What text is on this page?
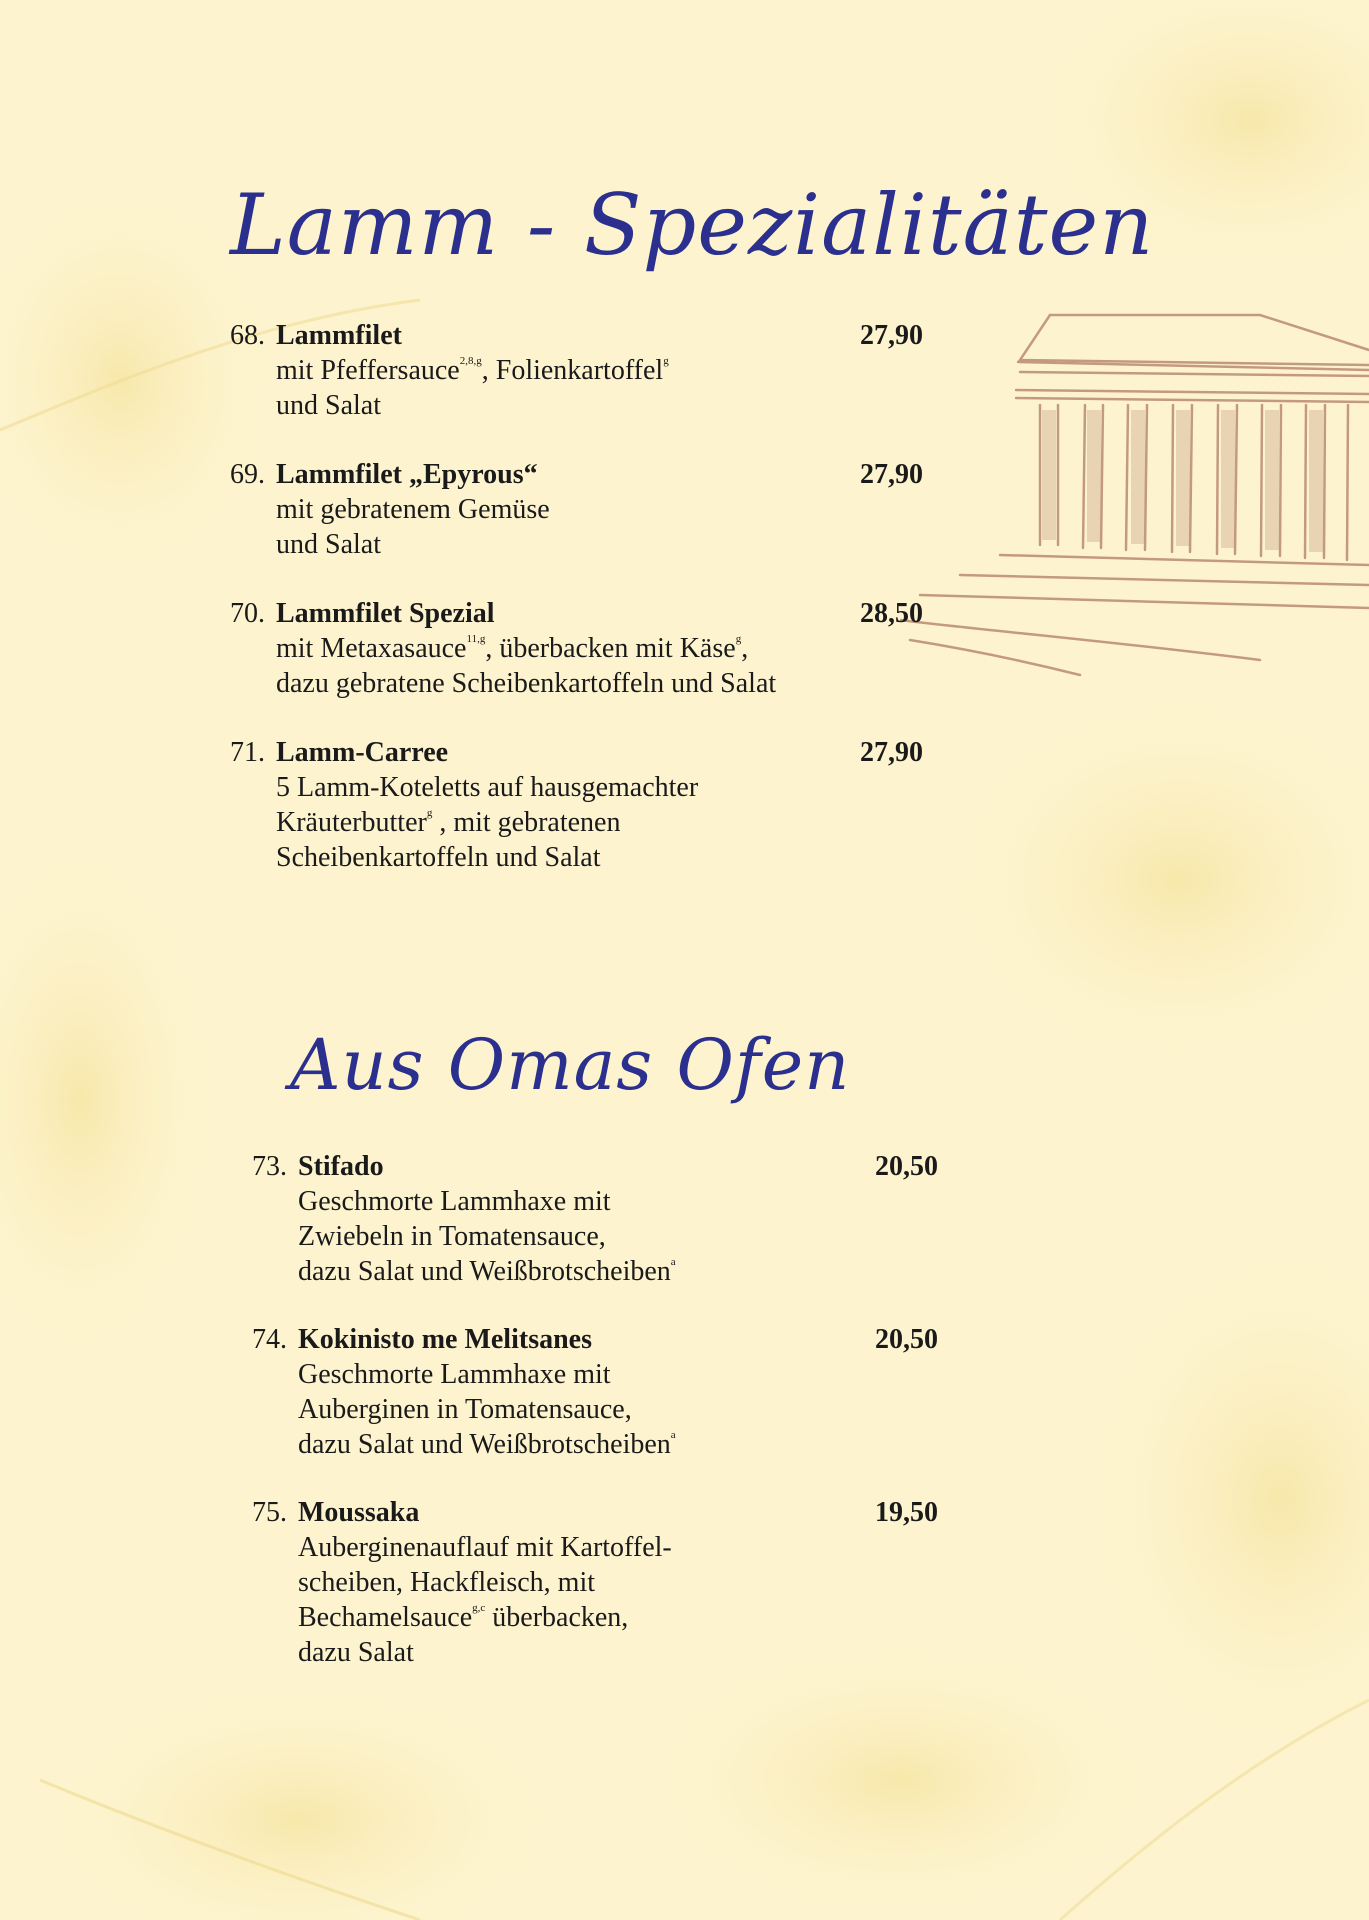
Lamm - Spezialitäten
68. Lammfilet	27,90
mit Pfeffersauce$^{2,8,g}$, Folienkartoffel$^g$
und Salat
69. Lammfilet „Epyrous“	27,90
mit gebratenem Gemüse
und Salat
70. Lammfilet Spezial	28,50
mit Metaxasauce$^{11,g}$, überbacken mit Käse$^g$,
dazu gebratene Scheibenkartoffeln und Salat
71. Lamm-Carree	27,90
5 Lamm-Koteletts auf hausgemachter
Kräuterbutter$^g$ , mit gebratenen
Scheibenkartoffeln und Salat
Aus Omas Ofen
73. Stifado	20,50
Geschmorte Lammhaxe mit
Zwiebeln in Tomatensauce,
dazu Salat und Weißbrotscheiben$^a$
74. Kokinisto me Melitsanes	20,50
Geschmorte Lammhaxe mit
Auberginen in Tomatensauce,
dazu Salat und Weißbrotscheiben$^a$
75. Moussaka	19,50
Auberginenauflauf mit Kartoffel-
scheiben, Hackfleisch, mit
Bechamelsauce$^{g,c}$ überbacken,
dazu Salat
